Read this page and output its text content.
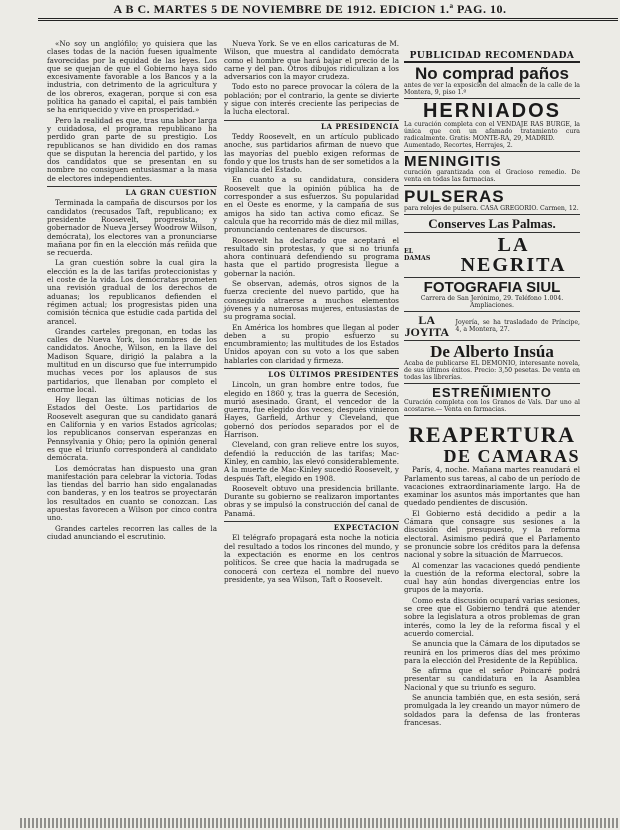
A B C. MARTES 5 DE NOVIEMBRE DE 1912. EDICION 1.ª PAG. 10.

«No soy un anglófilo; yo quisiera que las clases todas de la nación fuesen igualmente favorecidas por la equidad de las leyes. Los que se quejan de que el Gobierno haya sido excesivamente favorable a los Bancos y a la industria, con detrimento de la agricultura y de los obreros, exageran, porque si con esa política ha ganado el capital, el país también se ha enriquecido y vive en prosperidad.»

Pero la realidad es que, tras una labor larga y cuidadosa, el programa republicano ha perdido gran parte de su prestigio. Los republicanos se han dividido en dos ramas que se disputan la herencia del partido, y los dos candidatos que se presentan en su nombre no consiguen entusiasmar a la masa de electores independientes.

LA GRAN CUESTION

Terminada la campaña de discursos por los candidatos (recusados Taft, republicano; ex presidente Roosevelt, progresista, y gobernador de Nueva Jersey Woodrow Wilson, demócrata), los electores van a pronunciarse mañana por fin en la elección más reñida que se recuerda.

La gran cuestión sobre la cual gira la elección es la de las tarifas proteccionistas y el coste de la vida. Los demócratas prometen una revisión gradual de los derechos de aduanas; los republicanos defienden el régimen actual; los progresistas piden una comisión técnica que estudie cada partida del arancel.

Grandes carteles pregonan, en todas las calles de Nueva York, los nombres de los candidatos. Anoche, Wilson, en la llave del Madison Square, dirigió la palabra a la multitud en un discurso que fue interrumpido muchas veces por los aplausos de sus partidarios, que llenaban por completo el enorme local.

Hoy llegan las últimas noticias de los Estados del Oeste. Los partidarios de Roosevelt aseguran que su candidato ganará en California y en varios Estados agrícolas; los republicanos conservan esperanzas en Pennsylvania y Ohio; pero la opinión general es que el triunfo corresponderá al candidato demócrata.

Los demócratas han dispuesto una gran manifestación para celebrar la victoria. Todas las tiendas del barrio han sido engalanadas con banderas, y en los teatros se proyectarán los resultados en cuanto se conozcan. Las apuestas favorecen a Wilson por cinco contra uno.

Grandes carteles recorren las calles de la ciudad anunciando el escrutinio.

Nueva York. Se ve en ellos caricaturas de M. Wilson, que muestra al candidato demócrata como el hombre que hará bajar el precio de la carne y del pan. Otros dibujos ridiculizan a los adversarios con la mayor crudeza.

Todo esto no parece provocar la cólera de la población; por el contrario, la gente se divierte y sigue con interés creciente las peripecias de la lucha electoral.

LA PRESIDENCIA

Teddy Roosevelt, en un artículo publicado anoche, sus partidarios afirman de nuevo que las mayorías del pueblo exigen reformas de fondo y que los trusts han de ser sometidos a la vigilancia del Estado.

En cuanto a su candidatura, considera Roosevelt que la opinión pública ha de corresponder a sus esfuerzos. Su popularidad en el Oeste es enorme, y la campaña de sus amigos ha sido tan activa como eficaz. Se calcula que ha recorrido más de diez mil millas, pronunciando centenares de discursos.

Roosevelt ha declarado que aceptará el resultado sin protestas, y que si no triunfa ahora continuará defendiendo su programa hasta que el partido progresista llegue a gobernar la nación.

Se observan, además, otros signos de la fuerza creciente del nuevo partido, que ha conseguido atraerse a muchos elementos jóvenes y a numerosas mujeres, entusiastas de su programa social.

En América los hombres que llegan al poder deben a su propio esfuerzo su encumbramiento; las multitudes de los Estados Unidos apoyan con su voto a los que saben hablarles con claridad y firmeza.

LOS ÚLTIMOS PRESIDENTES

Lincoln, un gran hombre entre todos, fue elegido en 1860 y, tras la guerra de Secesión, murió asesinado. Grant, el vencedor de la guerra, fue elegido dos veces; después vinieron Hayes, Garfield, Arthur y Cleveland, que gobernó dos períodos separados por el de Harrison.

Cleveland, con gran relieve entre los suyos, defendió la reducción de las tarifas; Mac-Kinley, en cambio, las elevó considerablemente. A la muerte de Mac-Kinley sucedió Roosevelt, y después Taft, elegido en 1908.

Roosevelt obtuvo una presidencia brillante. Durante su gobierno se realizaron importantes obras y se impulsó la construcción del canal de Panamá.

EXPECTACION

El telégrafo propagará esta noche la noticia del resultado a todos los rincones del mundo, y la expectación es enorme en los centros políticos. Se cree que hacia la madrugada se conocerá con certeza el nombre del nuevo presidente, ya sea Wilson, Taft o Roosevelt.

PUBLICIDAD RECOMENDADA
No comprad paños
antes de ver la exposición del almacén de la calle de la Montera, 9, piso 1.º
HERNIADOS
La curación completa con el VENDAJE RAS BURGE, la única que con un afamado tratamiento cura radicalmente. Gratis: MONTE-RA, 29, MADRID.
Aumentado, Recortes, Herrajes, 2.
MENINGITIS
curación garantizada con el Gracioso remedio. De venta en todas las farmacias.
PULSERAS
para relojes de pulsera. CASA GREGORIO. Carmen, 12.
Conserves Las Palmas.
EL DAMAS
LA NEGRITA
FOTOGRAFIA SIUL
Carrera de San Jerónimo, 29. Teléfono 1.004. Ampliaciones.
LA JOYITA
Joyería, se ha trasladado de Príncipe, 4, a Montera, 27.
De Alberto Insúa
Acaba de publicarse EL DEMONIO, interesante novela, de sus últimos éxitos. Precio: 3,50 pesetas. De venta en todas las librerías.
ESTREÑIMIENTO
Curación completa con los Granos de Vals. Dar uno al acostarse.— Venta en farmacias.
REAPERTURA
DE CAMARAS

París, 4, noche. Mañana martes reanudará el Parlamento sus tareas, al cabo de un período de vacaciones extraordinariamente largo. Ha de examinar los asuntos más importantes que han quedado pendientes de discusión.

El Gobierno está decidido a pedir a la Cámara que consagre sus sesiones a la discusión del presupuesto, y la reforma electoral. Asimismo pedirá que el Parlamento se pronuncie sobre los créditos para la defensa nacional y sobre la situación de Marruecos.

Al comenzar las vacaciones quedó pendiente la cuestión de la reforma electoral, sobre la cual hay aún hondas divergencias entre los grupos de la mayoría.

Como esta discusión ocupará varias sesiones, se cree que el Gobierno tendrá que atender sobre la legislatura a otros problemas de gran interés, como la ley de la reforma fiscal y el acuerdo comercial.

Se anuncia que la Cámara de los diputados se reunirá en los primeros días del mes próximo para la elección del Presidente de la República.

Se afirma que el señor Poincaré podrá presentar su candidatura en la Asamblea Nacional y que su triunfo es seguro.

Se anuncia también que, en esta sesión, será promulgada la ley creando un mayor número de soldados para la defensa de las fronteras francesas.
